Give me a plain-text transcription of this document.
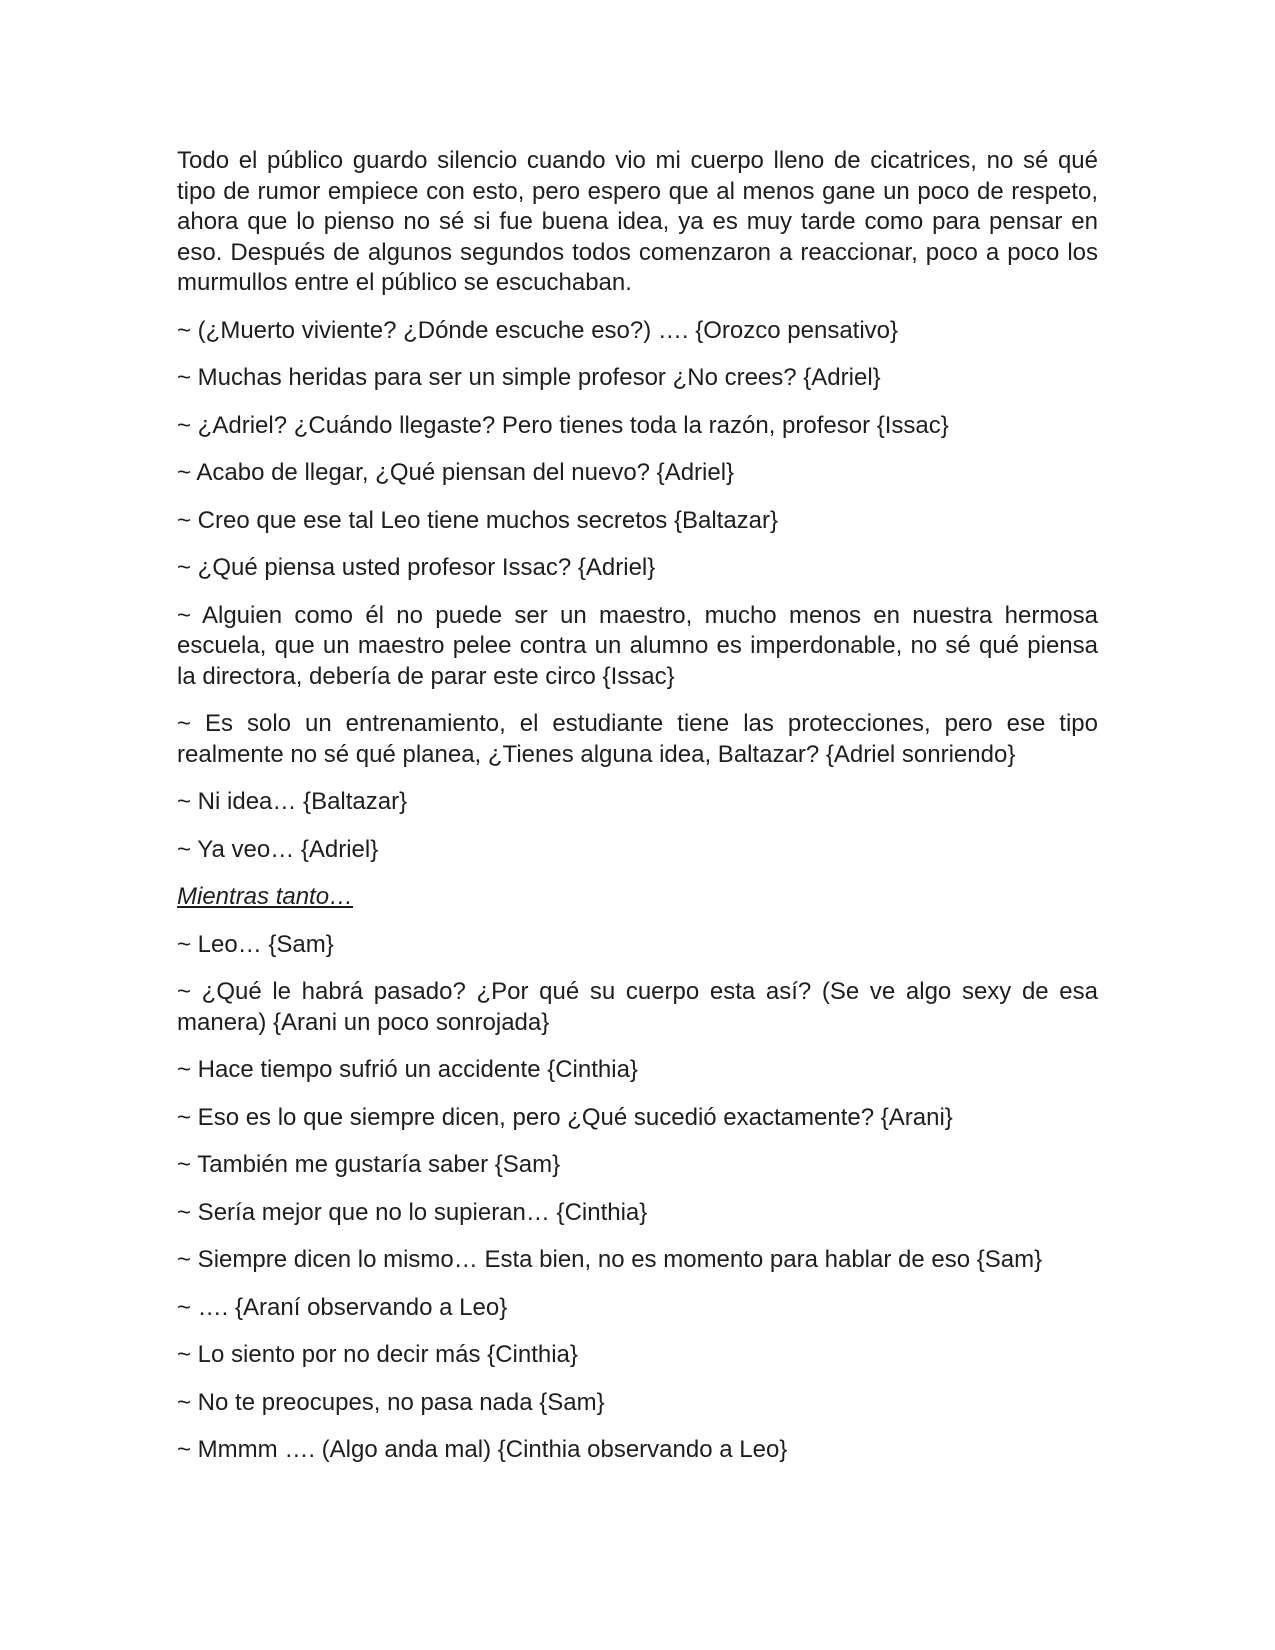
Todo el público guardo silencio cuando vio mi cuerpo lleno de cicatrices, no sé qué tipo de rumor empiece con esto, pero espero que al menos gane un poco de respeto, ahora que lo pienso no sé si fue buena idea, ya es muy tarde como para pensar en eso. Después de algunos segundos todos comenzaron a reaccionar, poco a poco los murmullos entre el público se escuchaban.

~ (¿Muerto viviente? ¿Dónde escuche eso?) …. {Orozco pensativo}

~ Muchas heridas para ser un simple profesor ¿No crees? {Adriel}

~ ¿Adriel? ¿Cuándo llegaste? Pero tienes toda la razón, profesor {Issac}

~ Acabo de llegar, ¿Qué piensan del nuevo? {Adriel}

~ Creo que ese tal Leo tiene muchos secretos {Baltazar}

~ ¿Qué piensa usted profesor Issac? {Adriel}

~ Alguien como él no puede ser un maestro, mucho menos en nuestra hermosa escuela, que un maestro pelee contra un alumno es imperdonable, no sé qué piensa la directora, debería de parar este circo {Issac}

~ Es solo un entrenamiento, el estudiante tiene las protecciones, pero ese tipo realmente no sé qué planea, ¿Tienes alguna idea, Baltazar? {Adriel sonriendo}

~ Ni idea… {Baltazar}

~ Ya veo… {Adriel}

Mientras tanto…

~ Leo… {Sam}

~ ¿Qué le habrá pasado? ¿Por qué su cuerpo esta así? (Se ve algo sexy de esa manera) {Arani un poco sonrojada}

~ Hace tiempo sufrió un accidente {Cinthia}

~ Eso es lo que siempre dicen, pero ¿Qué sucedió exactamente? {Arani}

~ También me gustaría saber {Sam}

~ Sería mejor que no lo supieran… {Cinthia}

~ Siempre dicen lo mismo… Esta bien, no es momento para hablar de eso {Sam}

~ …. {Araní observando a Leo}

~ Lo siento por no decir más {Cinthia}

~ No te preocupes, no pasa nada {Sam}

~ Mmmm …. (Algo anda mal) {Cinthia observando a Leo}
